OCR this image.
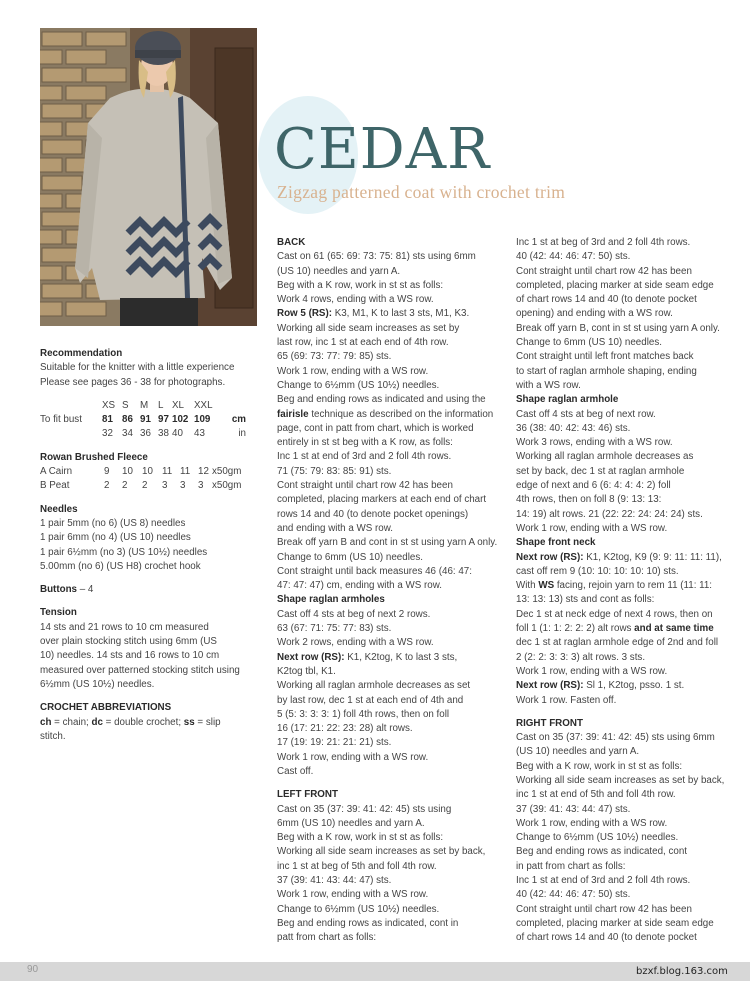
CEDAR
Zigzag patterned coat with crochet trim

Recommendation

Suitable for the knitter with a little experience

Please see pages 36 - 38 for photographs.

	XS	S	M	L	XL	XXL	
To fit bust	81	86	91	97	102	109	cm
	32	34	36	38	40	43	in

Rowan Brushed Fleece

A Cairn	9	10	10	11	11	12	x50gm
B Peat	2	2	2	3	3	3	x50gm

Needles

1 pair 5mm (no 6) (US 8) needles

1 pair 6mm (no 4) (US 10) needles

1 pair 6½mm (no 3) (US 10½) needles

5.00mm (no 6) (US H8) crochet hook

Buttons – 4

Tension

14 sts and 21 rows to 10 cm measured

over plain stocking stitch using 6mm (US

10) needles. 14 sts and 16 rows to 10 cm

measured over patterned stocking stitch using

6½mm (US 10½) needles.

CROCHET ABBREVIATIONS

ch = chain; dc = double crochet; ss = slip

stitch.

BACK

Cast on 61 (65: 69: 73: 75: 81) sts using 6mm

(US 10) needles and yarn A.

Beg with a K row, work in st st as folls:

Work 4 rows, ending with a WS row.

Row 5 (RS): K3, M1, K to last 3 sts, M1, K3.

Working all side seam increases as set by

last row, inc 1 st at each end of 4th row.

65 (69: 73: 77: 79: 85) sts.

Work 1 row, ending with a WS row.

Change to 6½mm (US 10½) needles.

Beg and ending rows as indicated and using the

fairisle technique as described on the information

page, cont in patt from chart, which is worked

entirely in st st beg with a K row, as folls:

Inc 1 st at end of 3rd and 2 foll 4th rows.

71 (75: 79: 83: 85: 91) sts.

Cont straight until chart row 42 has been

completed, placing markers at each end of chart

rows 14 and 40 (to denote pocket openings)

and ending with a WS row.

Break off yarn B and cont in st st using yarn A only.

Change to 6mm (US 10) needles.

Cont straight until back measures 46 (46: 47:

47: 47: 47) cm, ending with a WS row.

Shape raglan armholes

Cast off 4 sts at beg of next 2 rows.

63 (67: 71: 75: 77: 83) sts.

Work 2 rows, ending with a WS row.

Next row (RS): K1, K2tog, K to last 3 sts,

K2tog tbl, K1.

Working all raglan armhole decreases as set

by last row, dec 1 st at each end of 4th and

5 (5: 3: 3: 3: 1) foll 4th rows, then on foll

16 (17: 21: 22: 23: 28) alt rows.

17 (19: 19: 21: 21: 21) sts.

Work 1 row, ending with a WS row.

Cast off.

LEFT FRONT

Cast on 35 (37: 39: 41: 42: 45) sts using

6mm (US 10) needles and yarn A.

Beg with a K row, work in st st as folls:

Working all side seam increases as set by back,

inc 1 st at beg of 5th and foll 4th row.

37 (39: 41: 43: 44: 47) sts.

Work 1 row, ending with a WS row.

Change to 6½mm (US 10½) needles.

Beg and ending rows as indicated, cont in

patt from chart as folls:

Inc 1 st at beg of 3rd and 2 foll 4th rows.

40 (42: 44: 46: 47: 50) sts.

Cont straight until chart row 42 has been

completed, placing marker at side seam edge

of chart rows 14 and 40 (to denote pocket

opening) and ending with a WS row.

Break off yarn B, cont in st st using yarn A only.

Change to 6mm (US 10) needles.

Cont straight until left front matches back

to start of raglan armhole shaping, ending

with a WS row.

Shape raglan armhole

Cast off 4 sts at beg of next row.

36 (38: 40: 42: 43: 46) sts.

Work 3 rows, ending with a WS row.

Working all raglan armhole decreases as

set by back, dec 1 st at raglan armhole

edge of next and 6 (6: 4: 4: 4: 2) foll

4th rows, then on foll 8 (9: 13: 13:

14: 19) alt rows. 21 (22: 22: 24: 24: 24) sts.

Work 1 row, ending with a WS row.

Shape front neck

Next row (RS): K1, K2tog, K9 (9: 9: 11: 11: 11),

cast off rem 9 (10: 10: 10: 10: 10) sts.

With WS facing, rejoin yarn to rem 11 (11: 11:

13: 13: 13) sts and cont as folls:

Dec 1 st at neck edge of next 4 rows, then on

foll 1 (1: 1: 2: 2: 2) alt rows and at same time

dec 1 st at raglan armhole edge of 2nd and foll

2 (2: 2: 3: 3: 3) alt rows. 3 sts.

Work 1 row, ending with a WS row.

Next row (RS): Sl 1, K2tog, psso. 1 st.

Work 1 row. Fasten off.

RIGHT FRONT

Cast on 35 (37: 39: 41: 42: 45) sts using 6mm

(US 10) needles and yarn A.

Beg with a K row, work in st st as folls:

Working all side seam increases as set by back,

inc 1 st at end of 5th and foll 4th row.

37 (39: 41: 43: 44: 47) sts.

Work 1 row, ending with a WS row.

Change to 6½mm (US 10½) needles.

Beg and ending rows as indicated, cont

in patt from chart as folls:

Inc 1 st at end of 3rd and 2 foll 4th rows.

40 (42: 44: 46: 47: 50) sts.

Cont straight until chart row 42 has been

completed, placing marker at side seam edge

of chart rows 14 and 40 (to denote pocket

90	bzxf.blog.163.com
